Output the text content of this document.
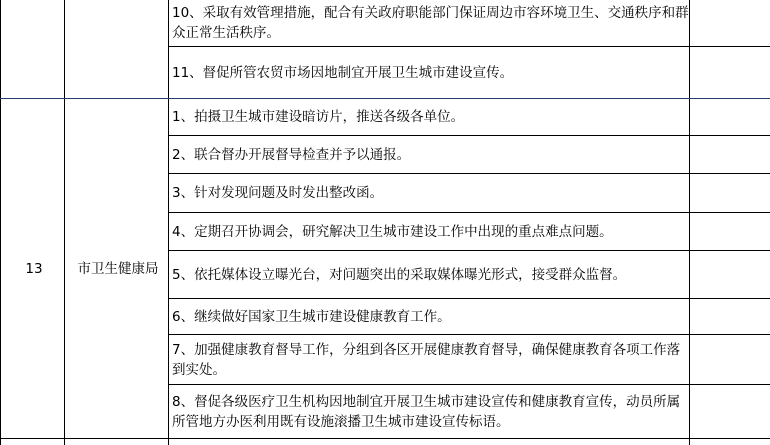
		10、采取有效管理措施，配合有关政府职能部门保证周边市容环境卫生、交通秩序和群众正常生活秩序。	
		11、督促所管农贸市场因地制宜开展卫生城市建设宣传。	
13	市卫生健康局	1、拍摄卫生城市建设暗访片，推送各级各单位。	
		2、联合督办开展督导检查并予以通报。	
		3、针对发现问题及时发出整改函。	
		4、定期召开协调会，研究解决卫生城市建设工作中出现的重点难点问题。	
		5、依托媒体设立曝光台，对问题突出的采取媒体曝光形式，接受群众监督。	
		6、继续做好国家卫生城市建设健康教育工作。	
		7、加强健康教育督导工作，分组到各区开展健康教育督导，确保健康教育各项工作落到实处。	
		8、督促各级医疗卫生机构因地制宜开展卫生城市建设宣传和健康教育宣传，动员所属所管地方办医利用既有设施滚播卫生城市建设宣传标语。	
